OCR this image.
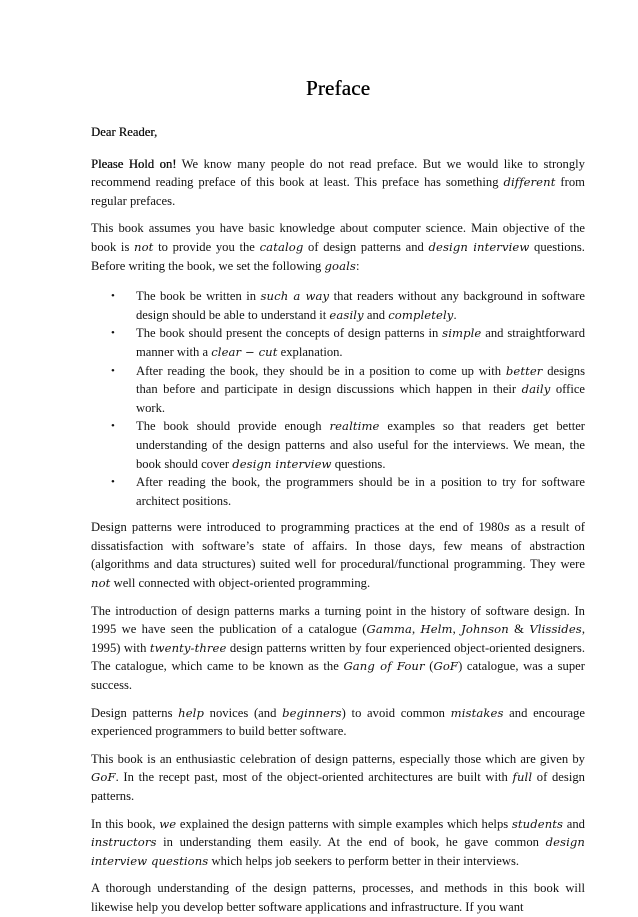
Preface

Dear Reader,

Please Hold on! We know many people do not read preface. But we would like to strongly recommend reading preface of this book at least. This preface has something different from regular prefaces.

This book assumes you have basic knowledge about computer science. Main objective of the book is not to provide you the catalog of design patterns and design interview questions. Before writing the book, we set the following goals:

• The book be written in such a way that readers without any background in software design should be able to understand it easily and completely.
• The book should present the concepts of design patterns in simple and straightforward manner with a clear − cut explanation.
• After reading the book, they should be in a position to come up with better designs than before and participate in design discussions which happen in their daily office work.
• The book should provide enough realtime examples so that readers get better understanding of the design patterns and also useful for the interviews. We mean, the book should cover design interview questions.
• After reading the book, the programmers should be in a position to try for software architect positions.

Design patterns were introduced to programming practices at the end of 1980s as a result of dissatisfaction with software’s state of affairs. In those days, few means of abstraction (algorithms and data structures) suited well for procedural/functional programming. They were not well connected with object-oriented programming.

The introduction of design patterns marks a turning point in the history of software design. In 1995 we have seen the publication of a catalogue (Gamma, Helm, Johnson & Vlissides, 1995) with twenty-three design patterns written by four experienced object-oriented designers. The catalogue, which came to be known as the Gang of Four (GoF) catalogue, was a super success.

Design patterns help novices (and beginners) to avoid common mistakes and encourage experienced programmers to build better software.

This book is an enthusiastic celebration of design patterns, especially those which are given by GoF. In the recept past, most of the object-oriented architectures are built with full of design patterns.

In this book, we explained the design patterns with simple examples which helps students and instructors in understanding them easily. At the end of book, he gave common design interview questions which helps job seekers to perform better in their interviews.

A thorough understanding of the design patterns, processes, and methods in this book will likewise help you develop better software applications and infrastructure. If you want
